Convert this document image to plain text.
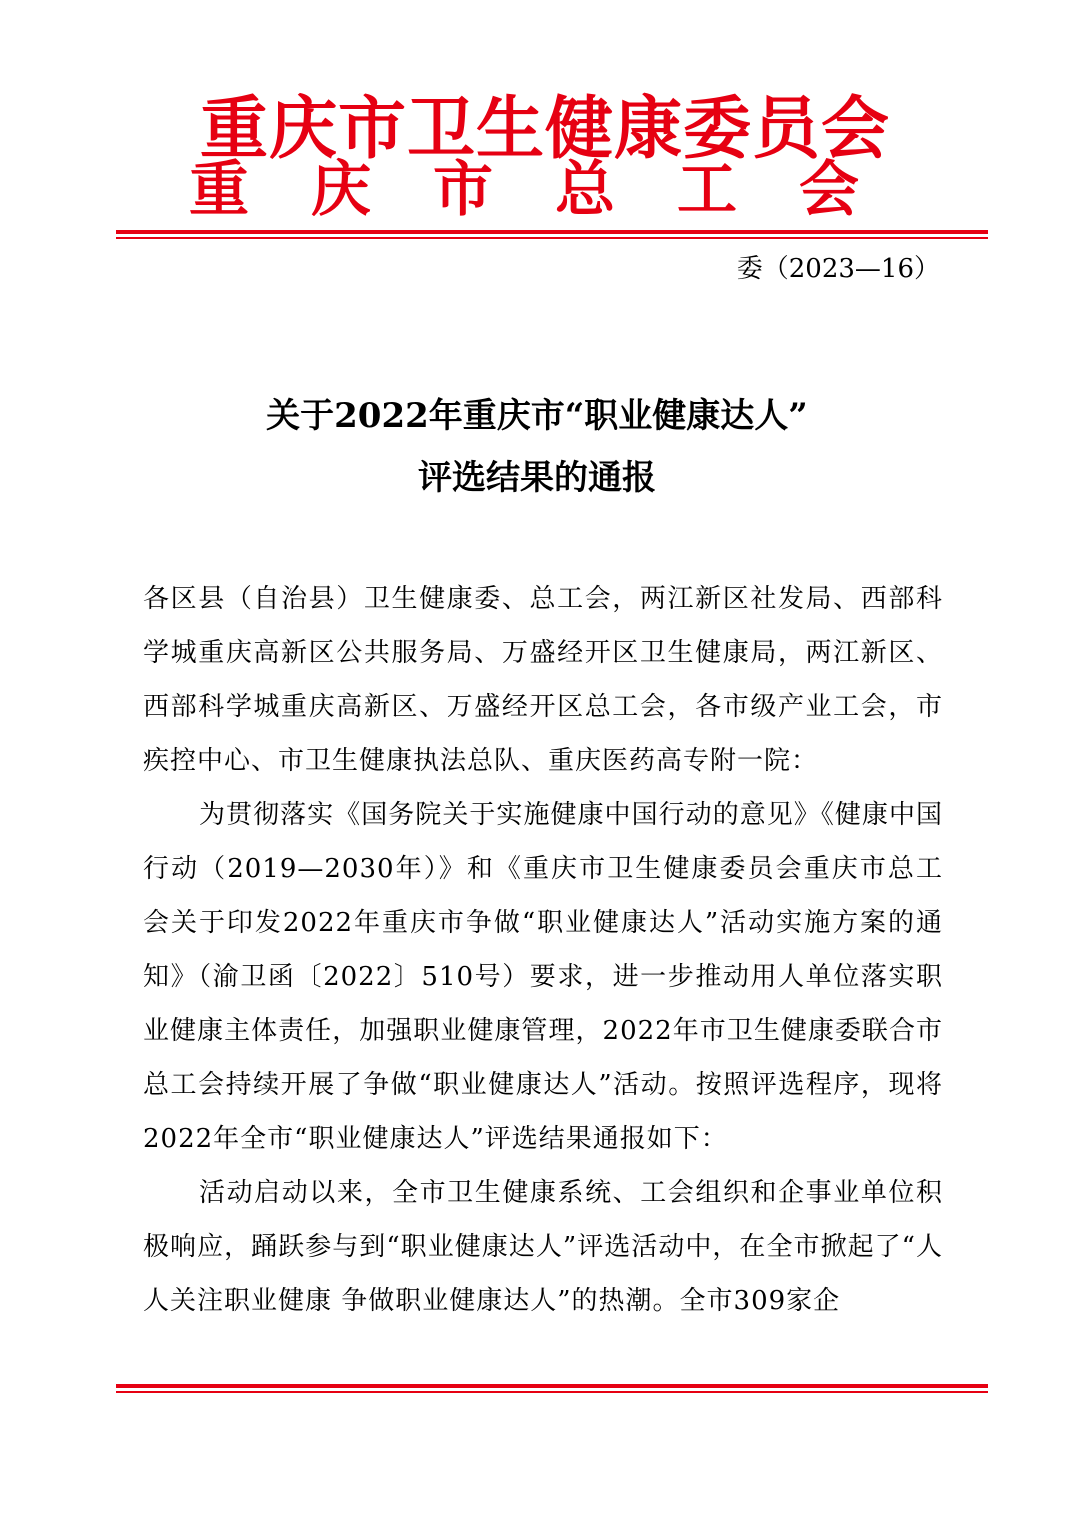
重庆市卫生健康委员会
重庆市总工会
委（2023—16）
关于2022年重庆市“职业健康达人”
评选结果的通报

各区县（自治县）卫生健康委、总工会，两江新区社发局、西部科学城重庆高新区公共服务局、万盛经开区卫生健康局，两江新区、西部科学城重庆高新区、万盛经开区总工会，各市级产业工会，市疾控中心、市卫生健康执法总队、重庆医药高专附一院：

为贯彻落实《国务院关于实施健康中国行动的意见》《健康中国行动（2019—2030年）》和《重庆市卫生健康委员会重庆市总工会关于印发2022年重庆市争做“职业健康达人”活动实施方案的通知》（渝卫函〔2022〕510号）要求，进一步推动用人单位落实职业健康主体责任，加强职业健康管理，2022年市卫生健康委联合市总工会持续开展了争做“职业健康达人”活动。按照评选程序，现将2022年全市“职业健康达人”评选结果通报如下：

活动启动以来，全市卫生健康系统、工会组织和企事业单位积极响应，踊跃参与到“职业健康达人”评选活动中，在全市掀起了“人人关注职业健康 争做职业健康达人”的热潮。全市309家企
